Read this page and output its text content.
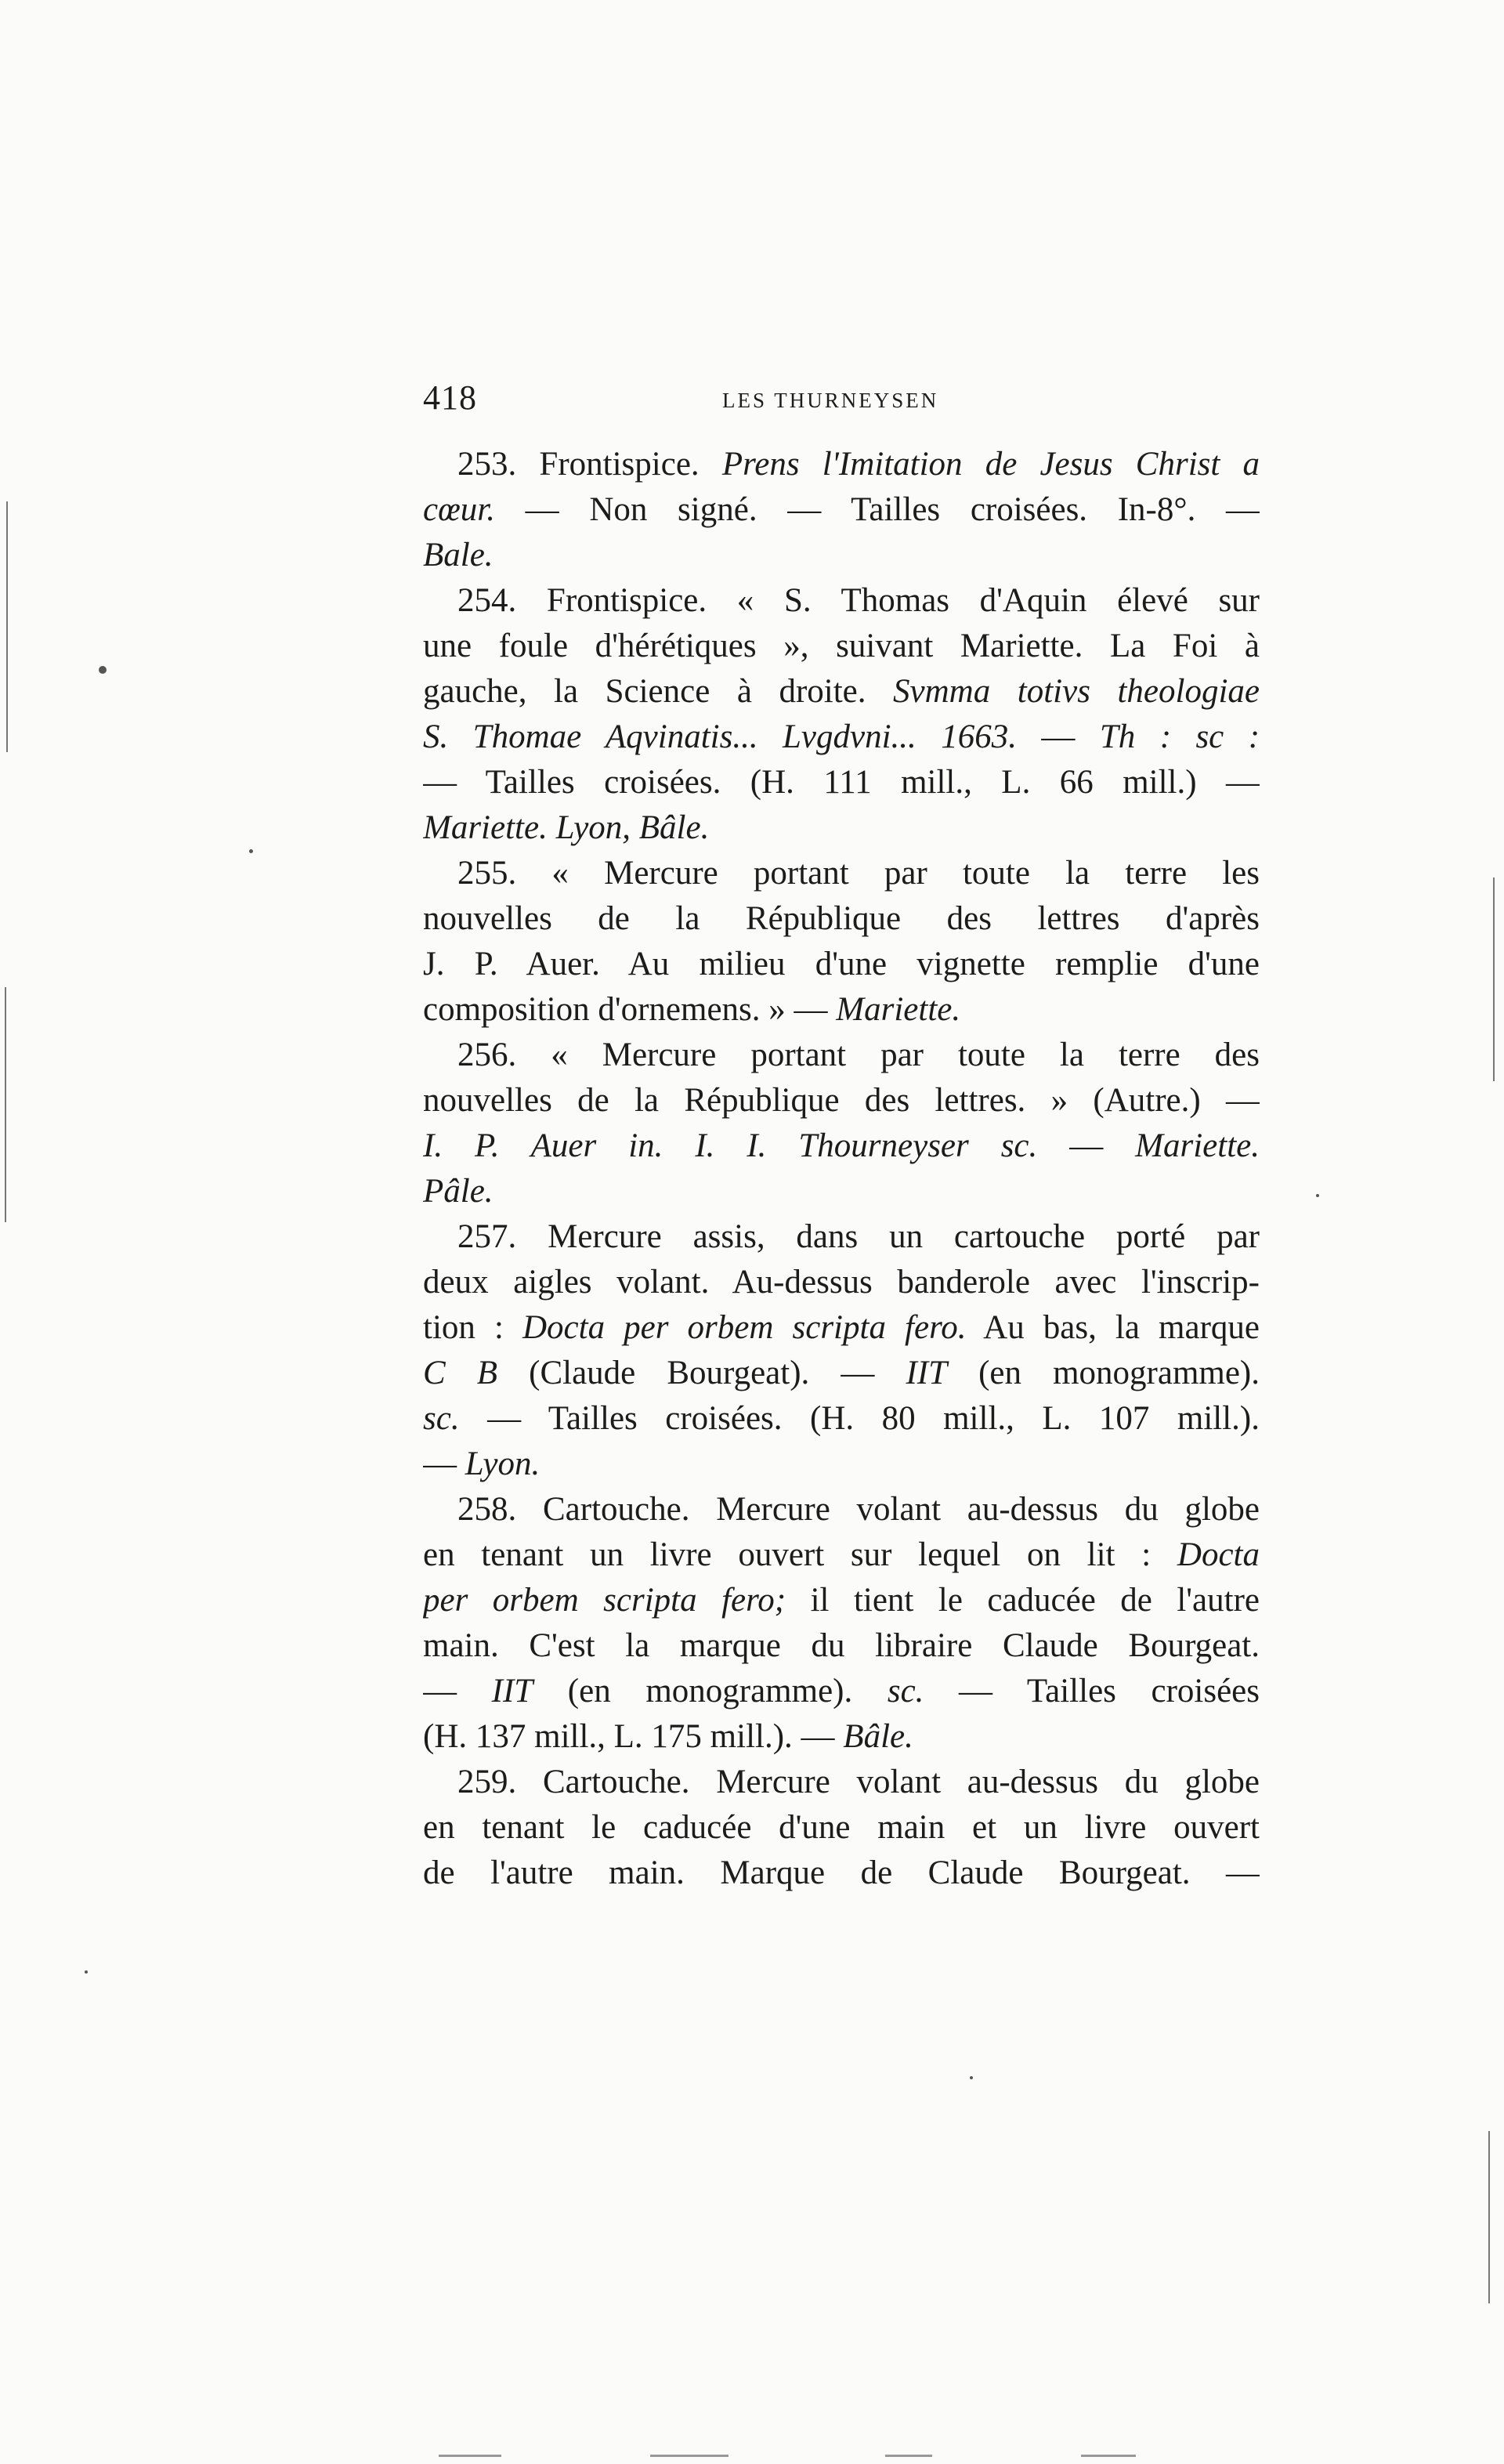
418	LES THURNEYSEN
253. Frontispice. Prens l'Imitation de Jesus Christ a
cœur. — Non signé. — Tailles croisées. In-8°. —
Bale.
254. Frontispice. « S. Thomas d'Aquin élevé sur
une foule d'hérétiques », suivant Mariette. La Foi à
gauche, la Science à droite. Svmma totivs theologiae
S. Thomae Aqvinatis... Lvgdvni... 1663. — Th : sc :
— Tailles croisées. (H. 111 mill., L. 66 mill.) —
Mariette. Lyon, Bâle.
255. « Mercure portant par toute la terre les
nouvelles de la République des lettres d'après
J. P. Auer. Au milieu d'une vignette remplie d'une
composition d'ornemens. » — Mariette.
256. « Mercure portant par toute la terre des
nouvelles de la République des lettres. » (Autre.) —
I. P. Auer in. I. I. Thourneyser sc. — Mariette.
Pâle.
257. Mercure assis, dans un cartouche porté par
deux aigles volant. Au-dessus banderole avec l'inscrip-
tion : Docta per orbem scripta fero. Au bas, la marque
C B (Claude Bourgeat). — IIT (en monogramme).
sc. — Tailles croisées. (H. 80 mill., L. 107 mill.).
— Lyon.
258. Cartouche. Mercure volant au-dessus du globe
en tenant un livre ouvert sur lequel on lit : Docta
per orbem scripta fero; il tient le caducée de l'autre
main. C'est la marque du libraire Claude Bourgeat.
— IIT (en monogramme). sc. — Tailles croisées
(H. 137 mill., L. 175 mill.). — Bâle.
259. Cartouche. Mercure volant au-dessus du globe
en tenant le caducée d'une main et un livre ouvert
de l'autre main. Marque de Claude Bourgeat. —
